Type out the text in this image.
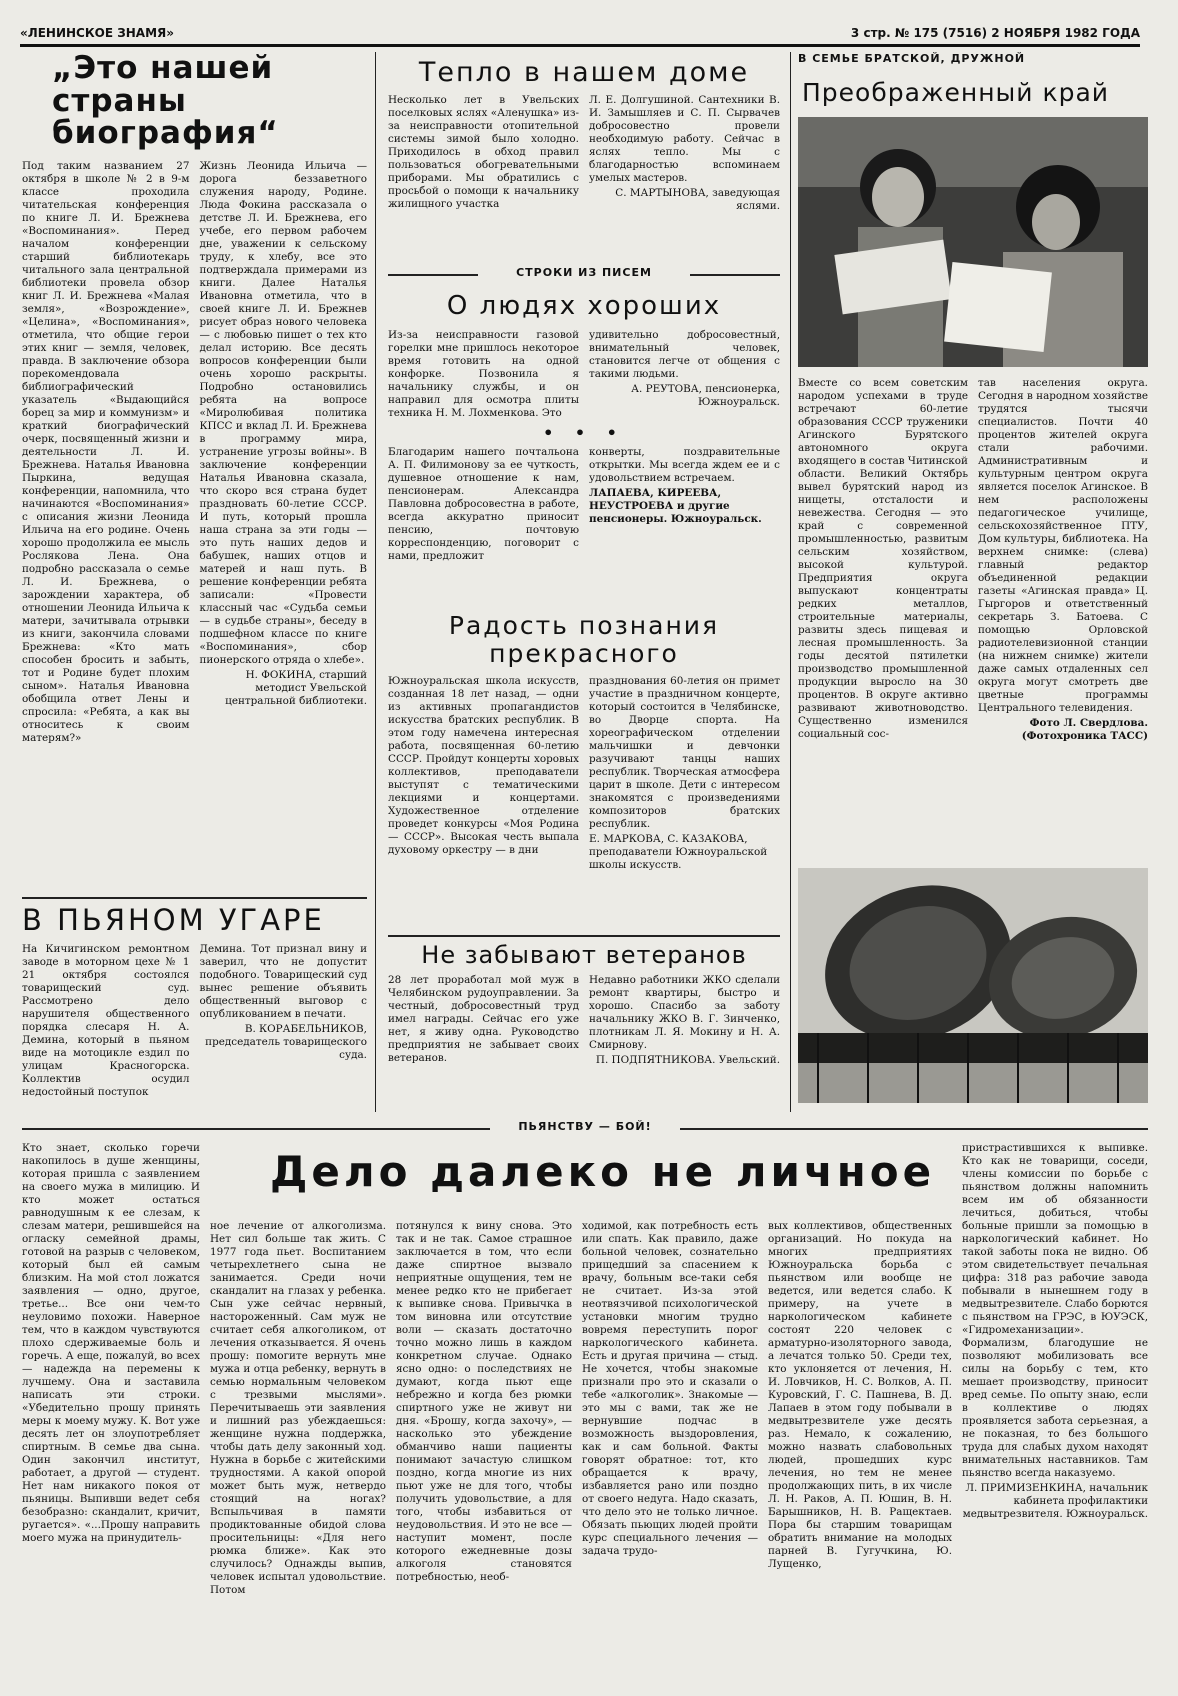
«ЛЕНИНСКОЕ ЗНАМЯ»	3 стр. № 175 (7516) 2 НОЯБРЯ 1982 ГОДА
„Это нашей страны биография“
Под таким названием 27 октября в школе № 2 в 9-м классе проходила читательская конференция по книге Л. И. Брежнева «Воспоминания». Перед началом конференции старший библиотекарь читального зала центральной библиотеки провела обзор книг Л. И. Брежнева «Малая земля», «Возрождение», «Целина», «Воспоминания», отметила, что общие герои этих книг — земля, человек, правда. В заключение обзора порекомендовала библиографический указатель «Выдающийся борец за мир и коммунизм» и краткий биографический очерк, посвященный жизни и деятельности Л. И. Брежнева. Наталья Ивановна Пыркина, ведущая конференции, напомнила, что начинаются «Воспоминания» с описания жизни Леонида Ильича на его родине. Очень хорошо продолжила ее мысль Рослякова Лена. Она подробно рассказала о семье Л. И. Брежнева, о зарождении характера, об отношении Леонида Ильича к матери, зачитывала отрывки из книги, закончила словами Брежнева: «Кто мать способен бросить и забыть, тот и Родине будет плохим сыном». Наталья Ивановна обобщила ответ Лены и спросила: «Ребята, а как вы относитесь к своим матерям?»
Жизнь Леонида Ильича — дорога беззаветного служения народу, Родине. Люда Фокина рассказала о детстве Л. И. Брежнева, его учебе, его первом рабочем дне, уважении к сельскому труду, к хлебу, все это подтверждала примерами из книги. Далее Наталья Ивановна отметила, что в своей книге Л. И. Брежнев рисует образ нового человека — с любовью пишет о тех кто делал историю. Все десять вопросов конференции были очень хорошо раскрыты. Подробно остановились ребята на вопросе «Миролюбивая политика КПСС и вклад Л. И. Брежнева в программу мира, устранение угрозы войны». В заключение конференции Наталья Ивановна сказала, что скоро вся страна будет праздновать 60-летие СССР. И путь, который прошла наша страна за эти годы — это путь наших дедов и бабушек, наших отцов и матерей и наш путь. В решение конференции ребята записали: «Провести классный час «Судьба семьи — в судьбе страны», беседу в подшефном классе по книге «Воспоминания», сбор пионерского отряда о хлебе».
Н. ФОКИНА, старший методист Увельской центральной библиотеки.
В ПЬЯНОМ УГАРЕ
На Кичигинском ремонтном заводе в моторном цехе № 1 21 октября состоялся товарищеский суд. Рассмотрено дело нарушителя общественного порядка слесаря Н. А. Демина, который в пьяном виде на мотоцикле ездил по улицам Красногорска. Коллектив осудил недостойный поступок
Демина. Тот признал вину и заверил, что не допустит подобного. Товарищеский суд вынес решение объявить общественный выговор с опубликованием в печати.
В. КОРАБЕЛЬНИКОВ, председатель товарищеского суда.
Тепло в нашем доме
Несколько лет в Увельских поселковых яслях «Аленушка» из-за неисправности отопительной системы зимой было холодно. Приходилось в обход правил пользоваться обогревательными приборами. Мы обратились с просьбой о помощи к начальнику жилищного участка
Л. Е. Долгушиной. Сантехники В. И. Замышляев и С. П. Сырвачев добросовестно провели необходимую работу. Сейчас в яслях тепло. Мы с благодарностью вспоминаем умелых мастеров.
С. МАРТЫНОВА, заведующая яслями.
СТРОКИ ИЗ ПИСЕМ
О людях хороших
Из-за неисправности газовой горелки мне пришлось некоторое время готовить на одной конфорке. Позвонила я начальнику службы, и он направил для осмотра плиты техника Н. М. Лохменкова. Это
удивительно добросовестный, внимательный человек, становится легче от общения с такими людьми.
А. РЕУТОВА, пенсионерка, Южноуральск.
• • •
Благодарим нашего почтальона А. П. Филимонову за ее чуткость, душевное отношение к нам, пенсионерам. Александра Павловна добросовестна в работе, всегда аккуратно приносит пенсию, почтовую корреспонденцию, поговорит с нами, предложит
конверты, поздравительные открытки. Мы всегда ждем ее и с удовольствием встречаем.
ЛАПАЕВА, КИРЕЕВА, НЕУСТРОЕВА и другие пенсионеры. Южноуральск.
Радость познания прекрасного
Южноуральская школа искусств, созданная 18 лет назад, — одни из активных пропагандистов искусства братских республик. В этом году намечена интересная работа, посвященная 60-летию СССР. Пройдут концерты хоровых коллективов, преподаватели выступят с тематическими лекциями и концертами. Художественное отделение проведет конкурсы «Моя Родина — СССР». Высокая честь выпала духовому оркестру — в дни
празднования 60-летия он примет участие в праздничном концерте, который состоится в Челябинске, во Дворце спорта. На хореографическом отделении мальчишки и девчонки разучивают танцы наших республик. Творческая атмосфера царит в школе. Дети с интересом знакомятся с произведениями композиторов братских республик.
Е. МАРКОВА, С. КАЗАКОВА, преподаватели Южноуральской школы искусств.
Не забывают ветеранов
28 лет проработал мой муж в Челябинском рудоуправлении. За честный, добросовестный труд имел награды. Сейчас его уже нет, я живу одна. Руководство предприятия не забывает своих ветеранов.
Недавно работники ЖКО сделали ремонт квартиры, быстро и хорошо. Спасибо за заботу начальнику ЖКО В. Г. Зинченко, плотникам Л. Я. Мокину и Н. А. Смирнову.
П. ПОДПЯТНИКОВА. Увельский.
В СЕМЬЕ БРАТСКОЙ, ДРУЖНОЙ
Преображенный край
Вместе со всем советским народом успехами в труде встречают 60-летие образования СССР труженики Агинского Бурятского автономного округа входящего в состав Читинской области. Великий Октябрь вывел бурятский народ из нищеты, отсталости и невежества. Сегодня — это край с современной промышленностью, развитым сельским хозяйством, высокой культурой. Предприятия округа выпускают концентраты редких металлов, строительные материалы, развиты здесь пищевая и лесная промышленность. За годы десятой пятилетки производство промышленной продукции выросло на 30 процентов. В округе активно развивают животноводство. Существенно изменился социальный сос-
тав населения округа. Сегодня в народном хозяйстве трудятся тысячи специалистов. Почти 40 процентов жителей округа стали рабочими. Административным и культурным центром округа является поселок Агинское. В нем расположены педагогическое училище, сельскохозяйственное ПТУ, Дом культуры, библиотека. На верхнем снимке: (слева) главный редактор объединенной редакции газеты «Агинская правда» Ц. Гыргоров и ответственный секретарь З. Батоева. С помощью Орловской радиотелевизионной станции (на нижнем снимке) жители даже самых отдаленных сел округа могут смотреть две цветные программы Центрального телевидения.
Фото Л. Свердлова. (Фотохроника ТАСС)
ПЬЯНСТВУ — БОЙ!
Дело далеко не личное
Кто знает, сколько горечи накопилось в душе женщины, которая пришла с заявлением на своего мужа в милицию. И кто может остаться равнодушным к ее слезам, к слезам матери, решившейся на огласку семейной драмы, готовой на разрыв с человеком, который был ей самым близким. На мой стол ложатся заявления — одно, другое, третье... Все они чем-то неуловимо похожи. Наверное тем, что в каждом чувствуются плохо сдерживаемые боль и горечь. А еще, пожалуй, во всех — надежда на перемены к лучшему. Она и заставила написать эти строки. «Убедительно прошу принять меры к моему мужу. К. Вот уже десять лет он злоупотребляет спиртным. В семье два сына. Один закончил институт, работает, а другой — студент. Нет нам никакого покоя от пьяницы. Выпивши ведет себя безобразно: скандалит, кричит, ругается». «...Прошу направить моего мужа на принудитель-
ное лечение от алкоголизма. Нет сил больше так жить. С 1977 года пьет. Воспитанием четырехлетнего сына не занимается. Среди ночи скандалит на глазах у ребенка. Сын уже сейчас нервный, настороженный. Сам муж не считает себя алкоголиком, от лечения отказывается. Я очень прошу: помогите вернуть мне мужа и отца ребенку, вернуть в семью нормальным человеком с трезвыми мыслями». Перечитываешь эти заявления и лишний раз убеждаешься: женщине нужна поддержка, чтобы дать делу законный ход. Нужна в борьбе с житейскими трудностями. А какой опорой может быть муж, нетвердо стоящий на ногах? Вспыльчивая в памяти продиктованные обидой слова просительницы: «Для него рюмка ближе». Как это случилось? Однажды выпив, человек испытал удовольствие. Потом
потянулся к вину снова. Это так и не так. Самое страшное заключается в том, что если даже спиртное вызвало неприятные ощущения, тем не менее редко кто не прибегает к выпивке снова. Привычка в том виновна или отсутствие воли — сказать достаточно точно можно лишь в каждом конкретном случае. Однако ясно одно: о последствиях не думают, когда пьют еще небрежно и когда без рюмки спиртного уже не живут ни дня. «Брошу, когда захочу», — насколько это убеждение обманчиво наши пациенты понимают зачастую слишком поздно, когда многие из них пьют уже не для того, чтобы получить удовольствие, а для того, чтобы избавиться от неудовольствия. И это не все — наступит момент, после которого ежедневные дозы алкоголя становятся потребностью, необ-
ходимой, как потребность есть или спать. Как правило, даже больной человек, сознательно прищедший за спасением к врачу, больным все-таки себя не считает. Из-за этой неотвязчивой психологической установки многим трудно вовремя переступить порог наркологического кабинета. Есть и другая причина — стыд. Не хочется, чтобы знакомые признали про это и сказали о тебе «алкоголик». Знакомые — это мы с вами, так же не вернувшие подчас в возможность выздоровления, как и сам больной. Факты говорят обратное: тот, кто обращается к врачу, избавляется рано или поздно от своего недуга. Надо сказать, что дело это не только личное. Обязать пьющих людей пройти курс специального лечения — задача трудо-
вых коллективов, общественных организаций. Но покуда на многих предприятиях Южноуральска борьба с пьянством или вообще не ведется, или ведется слабо. К примеру, на учете в наркологическом кабинете состоят 220 человек с арматурно-изоляторного завода, а лечатся только 50. Среди тех, кто уклоняется от лечения, Н. И. Ловчиков, Н. С. Волков, А. П. Куровский, Г. С. Пашнева, В. Д. Лапаев в этом году побывали в медвытрезвителе уже десять раз. Немало, к сожалению, можно назвать слабовольных людей, прошедших курс лечения, но тем не менее продолжающих пить, в их числе Л. Н. Раков, А. П. Юшин, В. Н. Барышников, Н. В. Ращектаев. Пора бы старшим товарищам обратить внимание на молодых парней В. Гугучкина, Ю. Лущенко,
пристрастившихся к выпивке. Кто как не товарищи, соседи, члены комиссии по борьбе с пьянством должны напомнить всем им об обязанности лечиться, добиться, чтобы больные пришли за помощью в наркологический кабинет. Но такой заботы пока не видно. Об этом свидетельствует печальная цифра: 318 раз рабочие завода побывали в нынешнем году в медвытрезвителе. Слабо борются с пьянством на ГРЭС, в ЮУЭСК, «Гидромеханизации». Формализм, благодушие не позволяют мобилизовать все силы на борьбу с тем, кто мешает производству, приносит вред семье. По опыту знаю, если в коллективе о людях проявляется забота серьезная, а не показная, то без большого труда для слабых духом находят внимательных наставников. Там пьянство всегда наказуемо.
Л. ПРИМИЗЕНКИНА, начальник кабинета профилактики медвытрезвителя. Южноуральск.
